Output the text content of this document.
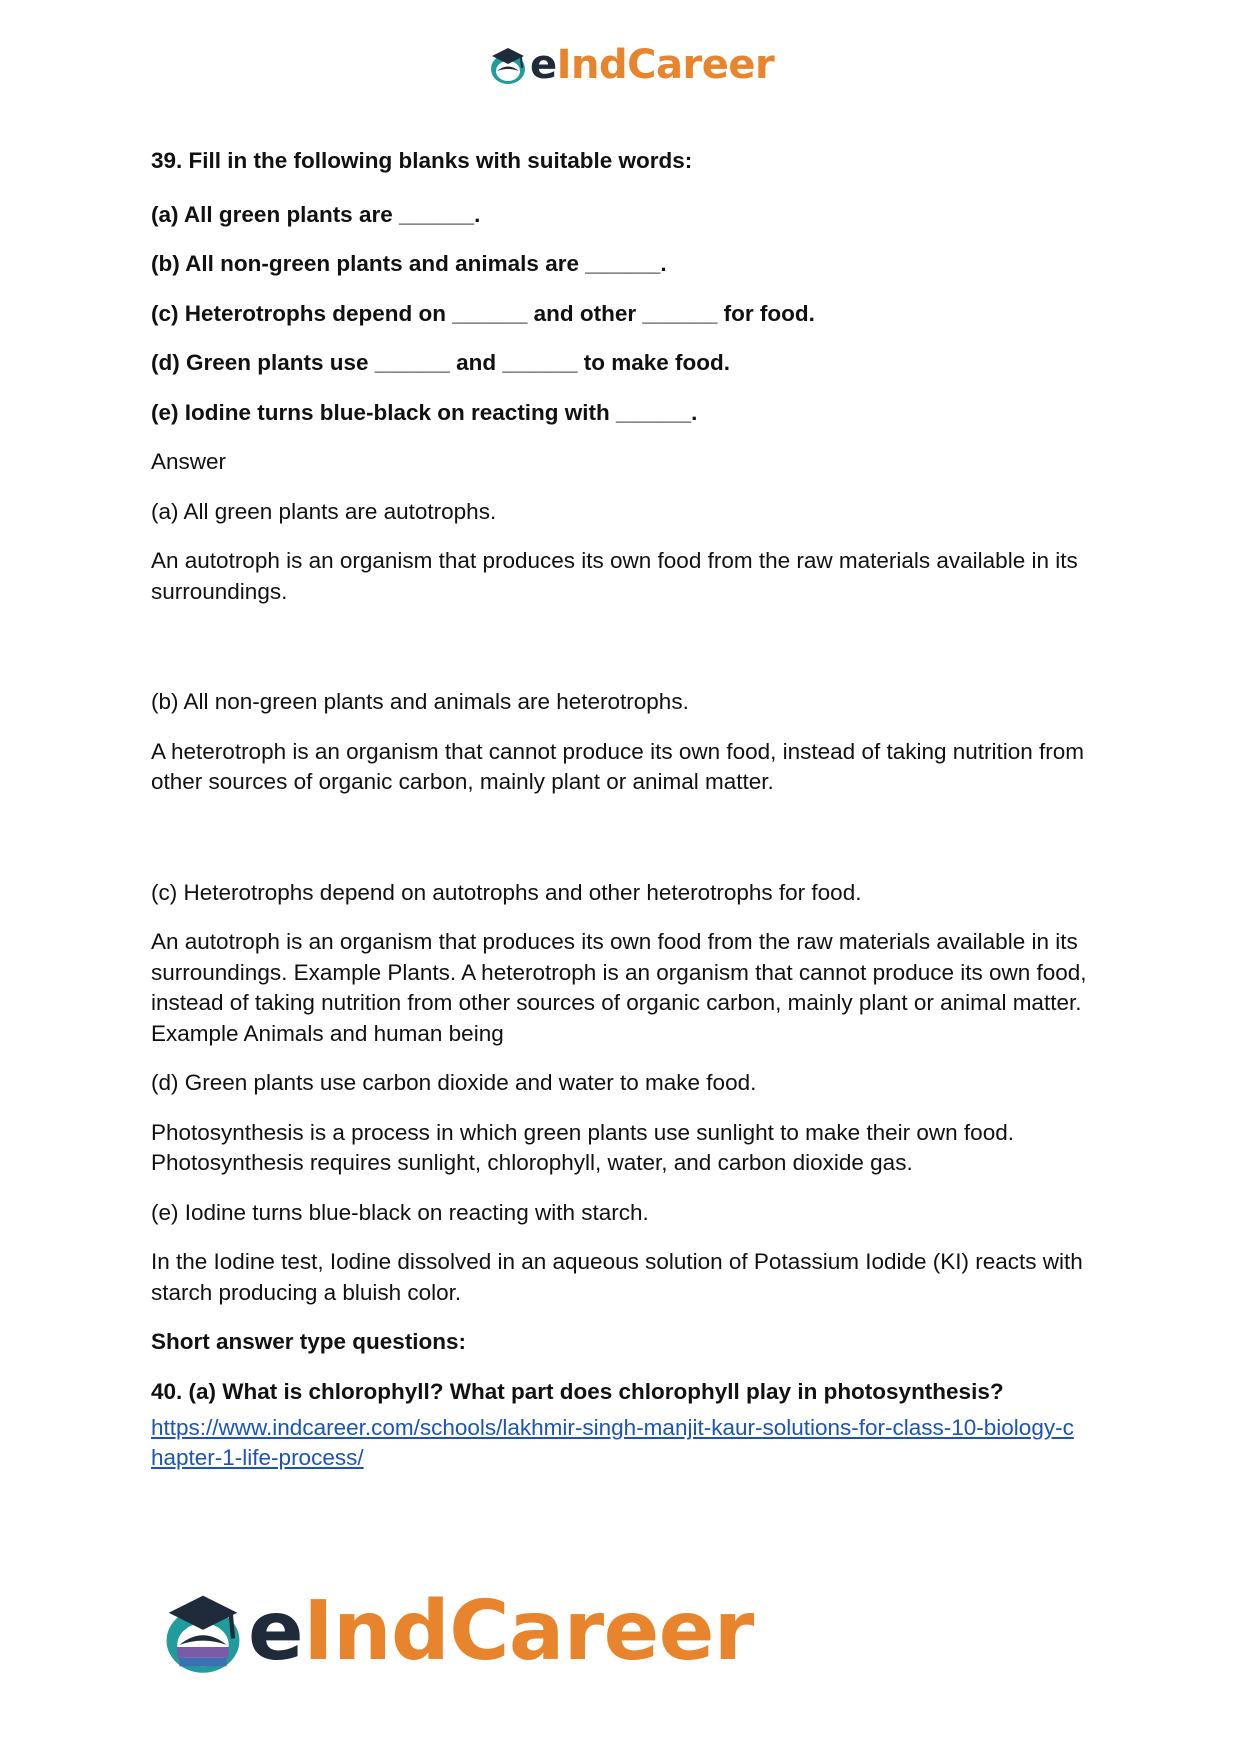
eIndCareer

39. Fill in the following blanks with suitable words:

(a) All green plants are ______.

(b) All non-green plants and animals are ______.

(c) Heterotrophs depend on ______ and other ______ for food.

(d) Green plants use ______ and ______ to make food.

(e) Iodine turns blue-black on reacting with ______.

Answer

(a) All green plants are autotrophs.

An autotroph is an organism that produces its own food from the raw materials available in its surroundings.

(b) All non-green plants and animals are heterotrophs.

A heterotroph is an organism that cannot produce its own food, instead of taking nutrition from other sources of organic carbon, mainly plant or animal matter.

(c) Heterotrophs depend on autotrophs and other heterotrophs for food.

An autotroph is an organism that produces its own food from the raw materials available in its surroundings. Example Plants. A heterotroph is an organism that cannot produce its own food, instead of taking nutrition from other sources of organic carbon, mainly plant or animal matter. Example Animals and human being

(d) Green plants use carbon dioxide and water to make food.

Photosynthesis is a process in which green plants use sunlight to make their own food. Photosynthesis requires sunlight, chlorophyll, water, and carbon dioxide gas.

(e) Iodine turns blue-black on reacting with starch.

In the Iodine test, Iodine dissolved in an aqueous solution of Potassium Iodide (KI) reacts with starch producing a bluish color.

Short answer type questions:

40. (a) What is chlorophyll? What part does chlorophyll play in photosynthesis?

https://www.indcareer.com/schools/lakhmir-singh-manjit-kaur-solutions-for-class-10-biology-c
hapter-1-life-process/
eIndCareer
